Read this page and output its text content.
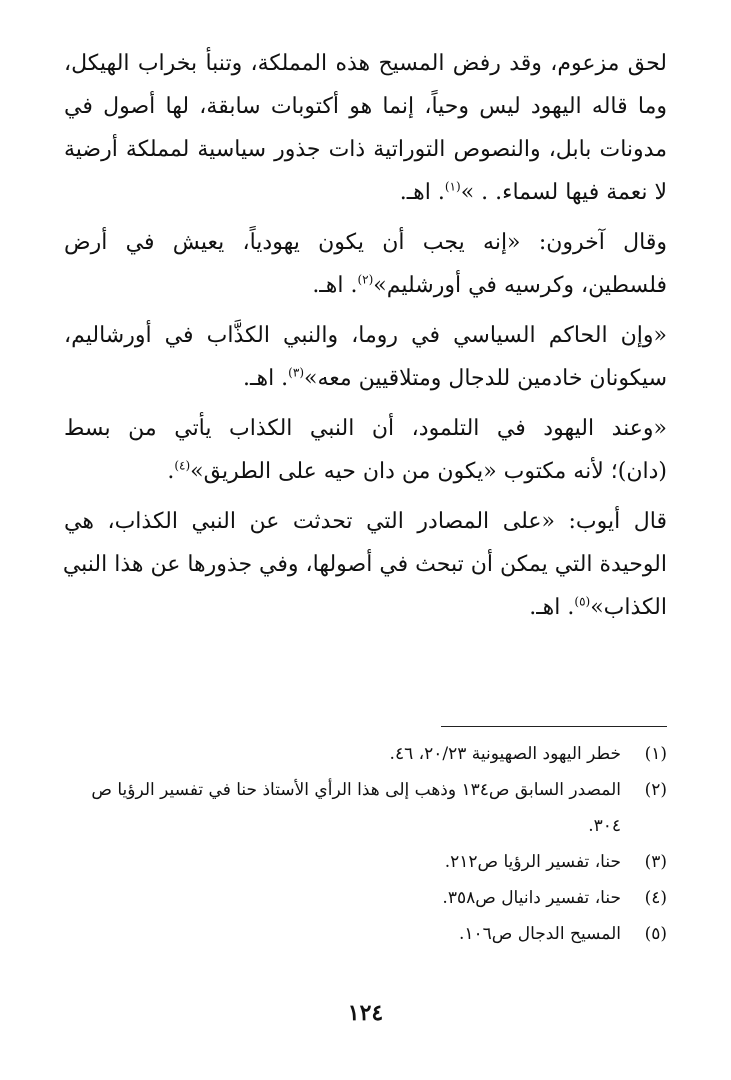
لحق مزعوم، وقد رفض المسيح هذه المملكة، وتنبأ بخراب الهيكل،
وما قاله اليهود ليس وحياً، إنما هو أكتوبات سابقة، لها أصول في
مدونات بابل، والنصوص التوراتية ذات جذور سياسية لمملكة أرضية
لا نعمة فيها لسماء. . »$^{(١)}$. اهـ.

وقال آخرون: «إنه يجب أن يكون يهودياً، يعيش في أرض
فلسطين، وكرسيه في أورشليم»$^{(٢)}$. اهـ.

«وإن الحاكم السياسي في روما، والنبي الكذَّاب في أورشاليم،
سيكونان خادمين للدجال ومتلاقيين معه»$^{(٣)}$. اهـ.

«وعند اليهود في التلمود، أن النبي الكذاب يأتي من بسط
(دان)؛ لأنه مكتوب «يكون من دان حيه على الطريق»$^{(٤)}$.

قال أيوب: «على المصادر التي تحدثت عن النبي الكذاب، هي
الوحيدة التي يمكن أن تبحث في أصولها، وفي جذورها عن هذا النبي
الكذاب»$^{(٥)}$. اهـ.

(١)
خطر اليهود الصهيونية ٢٠/٢٣، ٤٦.
(٢)
المصدر السابق ص١٣٤ وذهب إلى هذا الرأي الأستاذ حنا في تفسير الرؤيا ص ٣٠٤.
(٣)
حنا، تفسير الرؤيا ص٢١٢.
(٤)
حنا، تفسير دانيال ص٣٥٨.
(٥)
المسيح الدجال ص١٠٦.
١٢٤
